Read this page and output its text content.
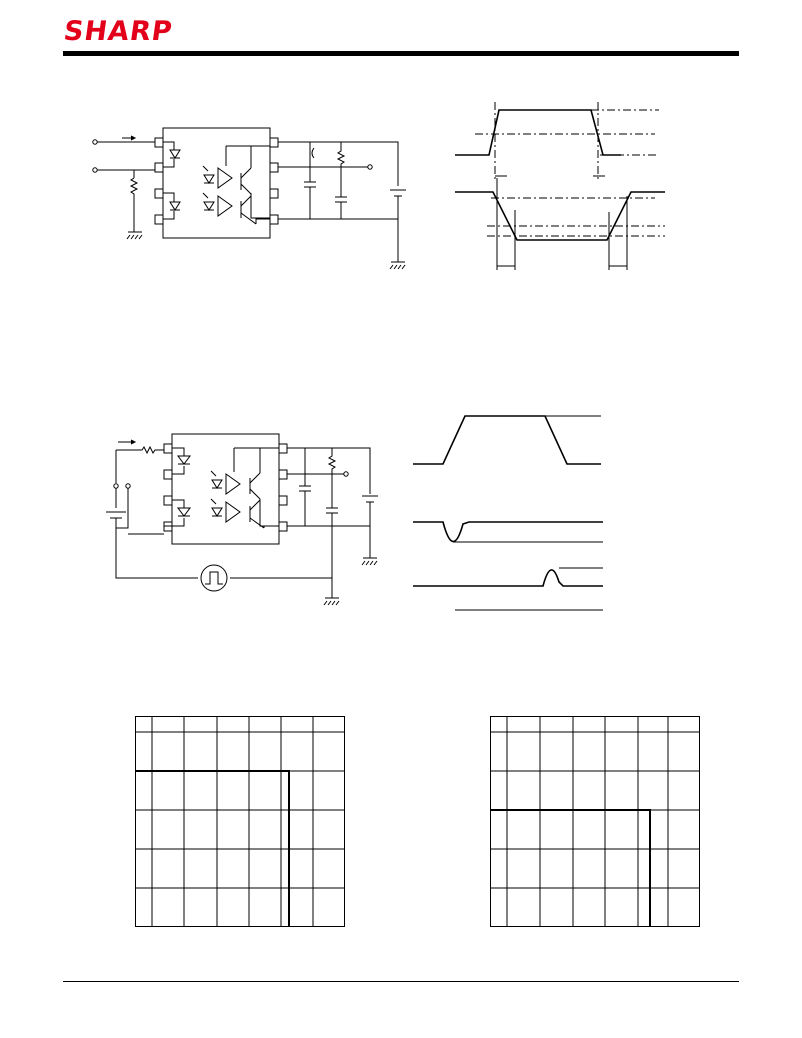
SHARP
